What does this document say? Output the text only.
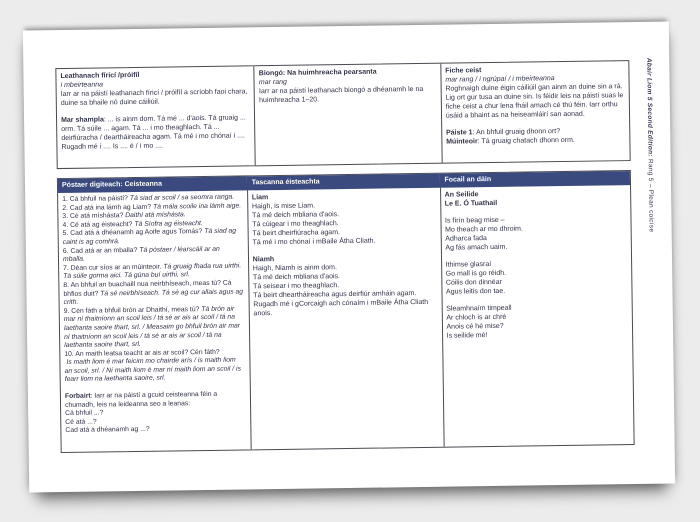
Abair Liom 5 Second Edition: Rang 5 – Plean coicíse
Leathanach fíricí /próifíl
i mbeirteanna
Iarr ar na páistí leathanach fíricí / próifíl a scríobh faoi chara, duine sa bhaile nó duine cáiliúil.
Mar shampla: ... is ainm dom. Tá mé ... d'aois. Tá gruaig ... orm. Tá súile ... agam. Tá ... i mo theaghlach. Tá ... deirfiúracha / deartháireacha agam. Tá mé i mo chónaí i .... Rugadh mé i .... Is .... é / í mo ....
Biongó: Na huimhreacha pearsanta
mar rang
Iarr ar na páistí leathanach biongó a dhéanamh le na huimhreacha 1–20.
Fiche ceist
mar rang / i ngrúpaí / i mbeirteanna
Roghnaigh duine éigin cáiliúil gan ainm an duine sin a rá. Lig ort gur tusa an duine sin. Is féidir leis na páistí suas le fiche ceist a chur lena fháil amach cé thú féin. Iarr orthu úsáid a bhaint as na heiseamláirí san aonad.
Páiste 1: An bhfuil gruaig dhonn ort?
Múinteoir: Tá gruaig chatach dhonn orm.
Póstaer digiteach: Ceisteanna	Tascanna éisteachta	Focail an dáin
1. Cá bhfuil na páistí? Tá siad ar scoil / sa seomra ranga.
2. Cad atá ina lámh ag Liam? Tá mála scoile ina lámh aige.
3. Cé atá míshásta? Daithí atá míshásta.
4. Cé atá ag éisteacht? Tá Síofra ag éisteacht.
5. Cad atá á dhéanamh ag Aoife agus Tomás? Tá siad ag caint is ag comhrá.
6. Cad atá ar an mballa? Tá póstaer / léarscáil ar an mballa.
7. Déan cur síos ar an múinteoir. Tá gruaig fhada rua uirthi. Tá súile gorma aici. Tá gúna buí uirthi, srl.
8. An bhfuil an buachaill nua neirbhíseach, meas tú? Cá bhfios duit? Tá sé neirbhíseach. Tá sé ag cur allais agus ag crith.
9. Cén fáth a bhfuil brón ar Dhaithí, meas tú? Tá brón air mar ní thaitníonn an scoil leis / tá sé ar ais ar scoil / tá na laethanta saoire thart, srl. / Measaim go bhfuil brón air mar ní thaitníonn an scoil leis / tá sé ar ais ar scoil / tá na laethanta saoire thart, srl.
10. An maith leatsa teacht ar ais ar scoil? Cén fáth?
Is maith liom é mar feicim mo chairde arís / is maith liom an scoil, srl. / Ní maith liom é mar ní maith liom an scoil / is fearr liom na laethanta saoire, srl.
Forbairt: Iarr ar na páistí a gcuid ceisteanna féin a chumadh, leis na leideanna seo a leanas:
Cá bhfuil ...?
Cé atá ...?
Cad atá á dhéanamh ag ...?
Liam
Haigh, is mise Liam.
Tá mé deich mbliana d'aois.
Tá cúigear i mo theaghlach.
Tá beirt dheirfiúracha agam.
Tá mé i mo chónaí i mBaile Átha Cliath.
Niamh
Haigh, Niamh is ainm dom.
Tá mé deich mbliana d'aois.
Tá seisear i mo theaghlach.
Tá beirt dheartháireacha agus deirfiúr amháin agam.
Rugadh mé i gCorcaigh ach cónaím i mBaile Átha Cliath anois.
An Seilide
Le E. Ó Tuathail
Is fírín beag mise –
Mo theach ar mo dhroim.
Adharca fada
Ag fás amach uaim.
Ithimse glasraí
Go mall is go réidh.
Cóilis don dinnéar
Agus leitis don tae.
Sleamhnaím timpeall
Ar chloch is ar chré
Anois cé hé mise?
Is seilide mé!
